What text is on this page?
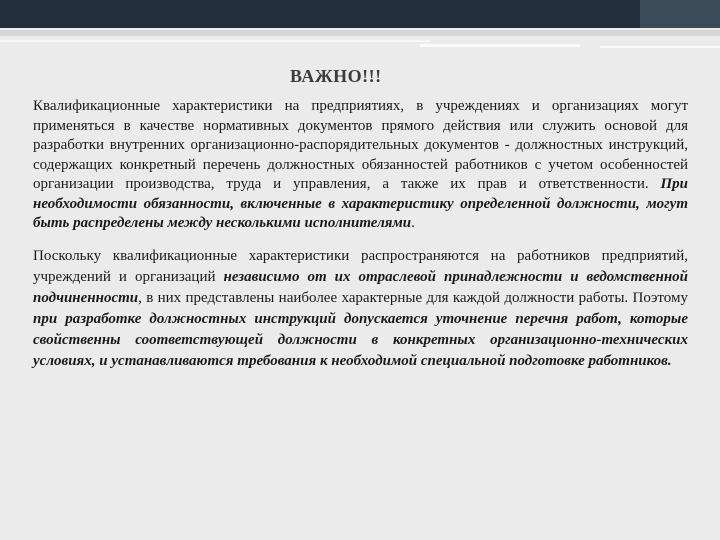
ВАЖНО!!!

Квалификационные характеристики на предприятиях, в учреждениях и организациях могут применяться в качестве нормативных документов прямого действия или служить основой для разработки внутренних организационно-распорядительных документов - должностных инструкций, содержащих конкретный перечень должностных обязанностей работников с учетом особенностей организации производства, труда и управления, а также их прав и ответственности. При необходимости обязанности, включенные в характеристику определенной должности, могут быть распределены между несколькими исполнителями.

Поскольку квалификационные характеристики распространяются на работников предприятий, учреждений и организаций независимо от их отраслевой принадлежности и ведомственной подчиненности, в них представлены наиболее характерные для каждой должности работы. Поэтому при разработке должностных инструкций допускается уточнение перечня работ, которые свойственны соответствующей должности в конкретных организационно-технических условиях, и устанавливаются требования к необходимой специальной подготовке работников.
